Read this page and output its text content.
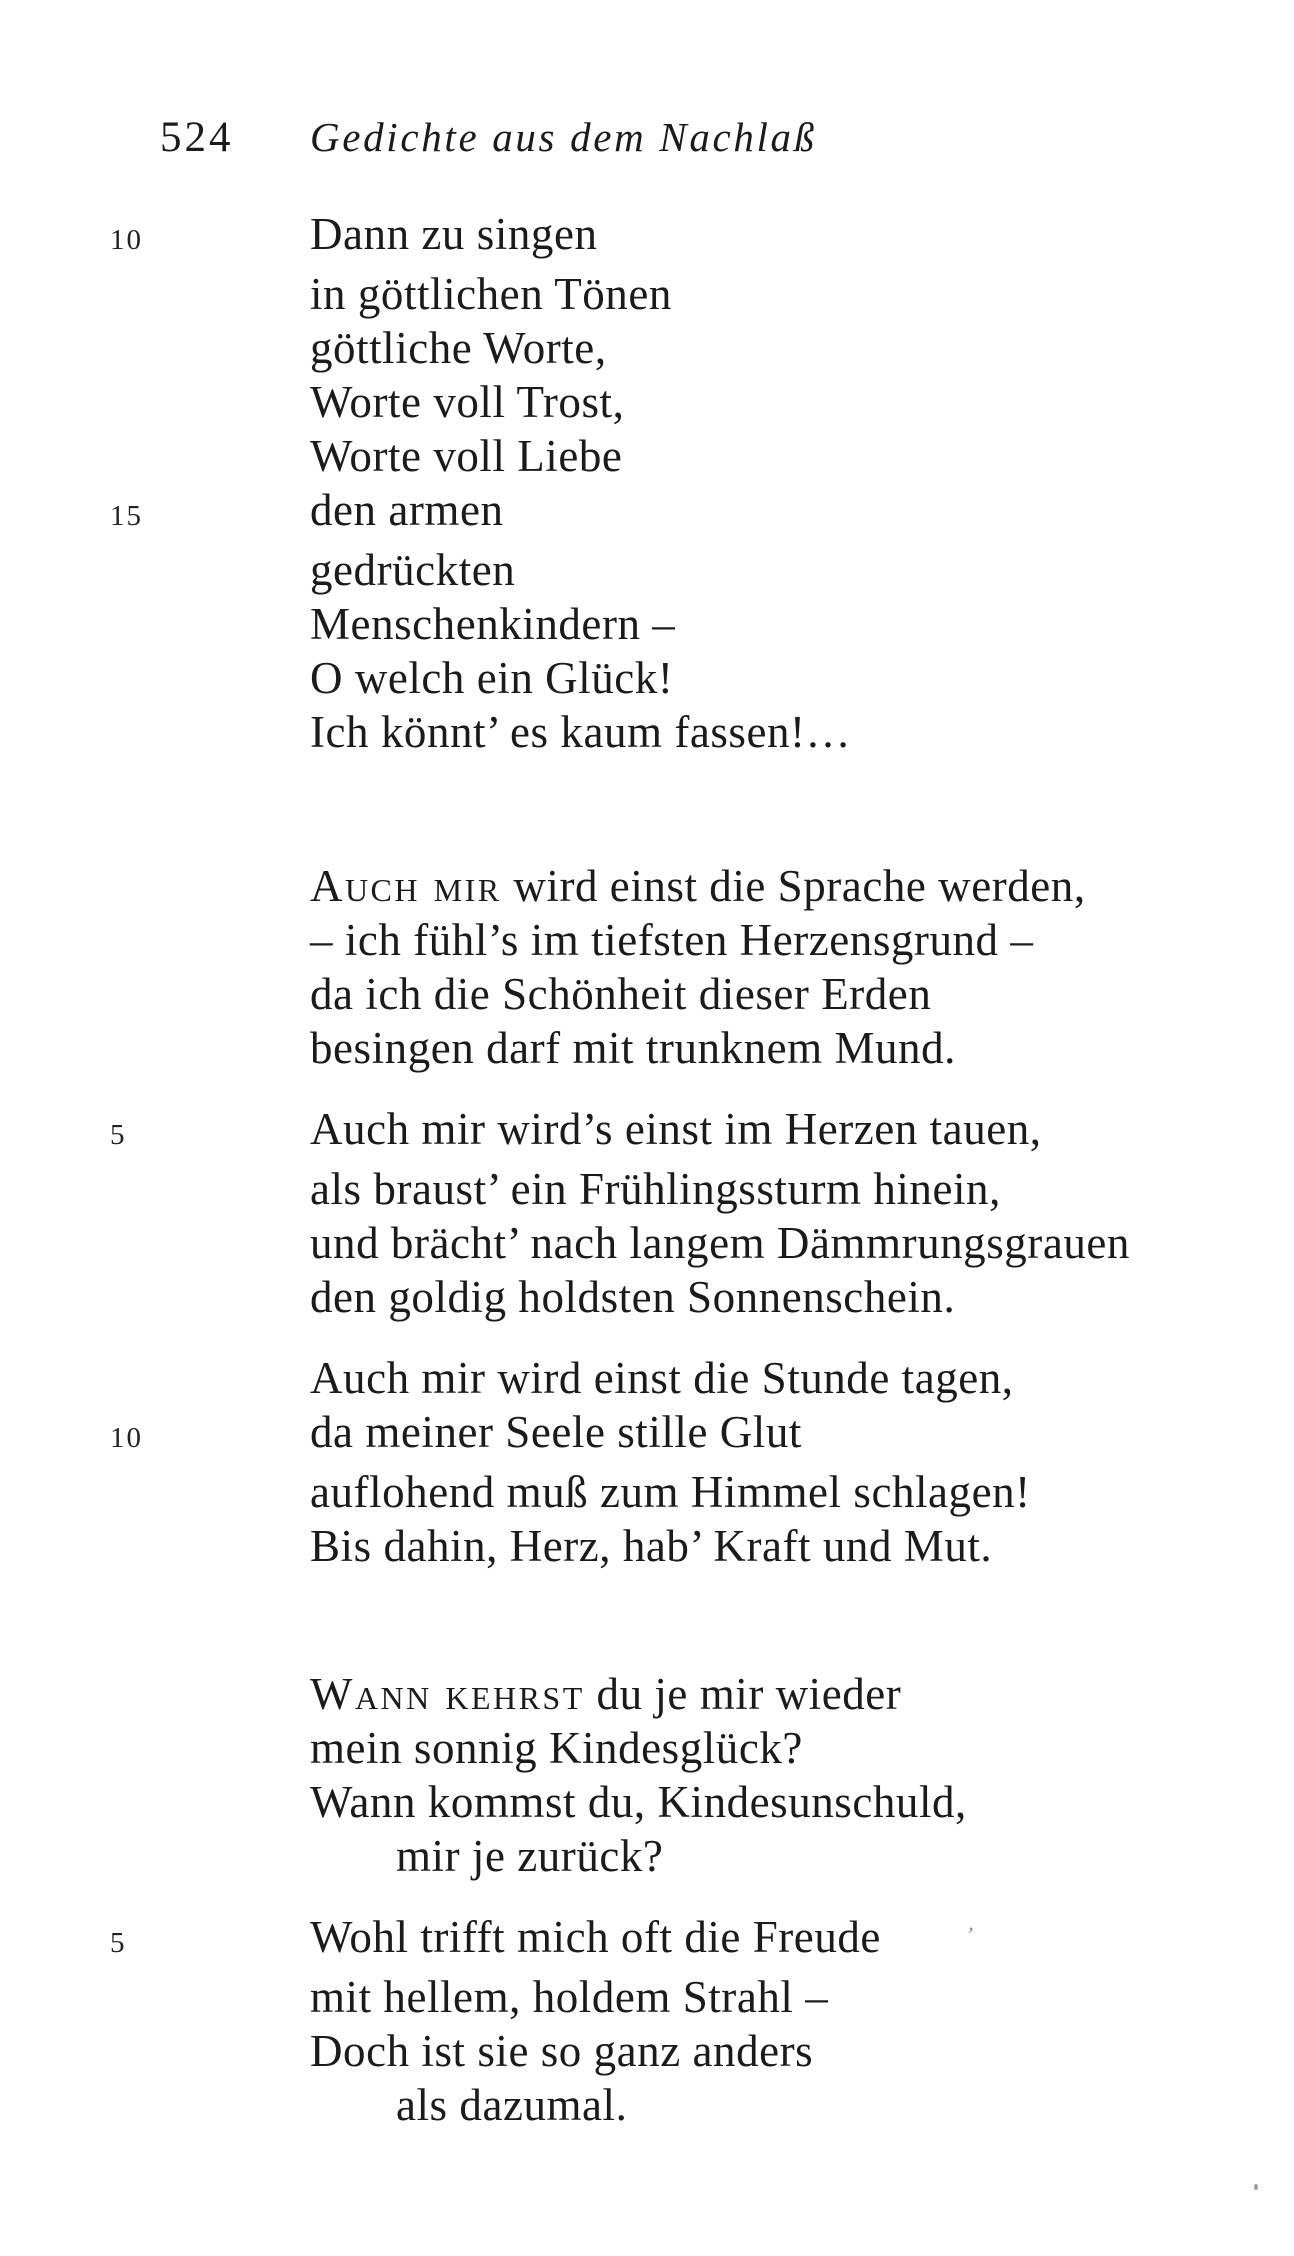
524	Gedichte aus dem Nachlaß
10	Dann zu singen
in göttlichen Tönen
göttliche Worte,
Worte voll Trost,
Worte voll Liebe
15	den armen
gedrückten
Menschenkindern –
O welch ein Glück!
Ich könnt’ es kaum fassen!…
Auch mir wird einst die Sprache werden,
– ich fühl’s im tiefsten Herzensgrund –
da ich die Schönheit dieser Erden
besingen darf mit trunknem Mund.
5	Auch mir wird’s einst im Herzen tauen,
als braust’ ein Frühlingssturm hinein,
und brächt’ nach langem Dämmrungsgrauen
den goldig holdsten Sonnenschein.
Auch mir wird einst die Stunde tagen,
10	da meiner Seele stille Glut
auflohend muß zum Himmel schlagen!
Bis dahin, Herz, hab’ Kraft und Mut.
Wann kehrst du je mir wieder
mein sonnig Kindesglück?
Wann kommst du, Kindesunschuld,
mir je zurück?
5	Wohl trifft mich oft die Freude
mit hellem, holdem Strahl –
Doch ist sie so ganz anders
als dazumal.
’
